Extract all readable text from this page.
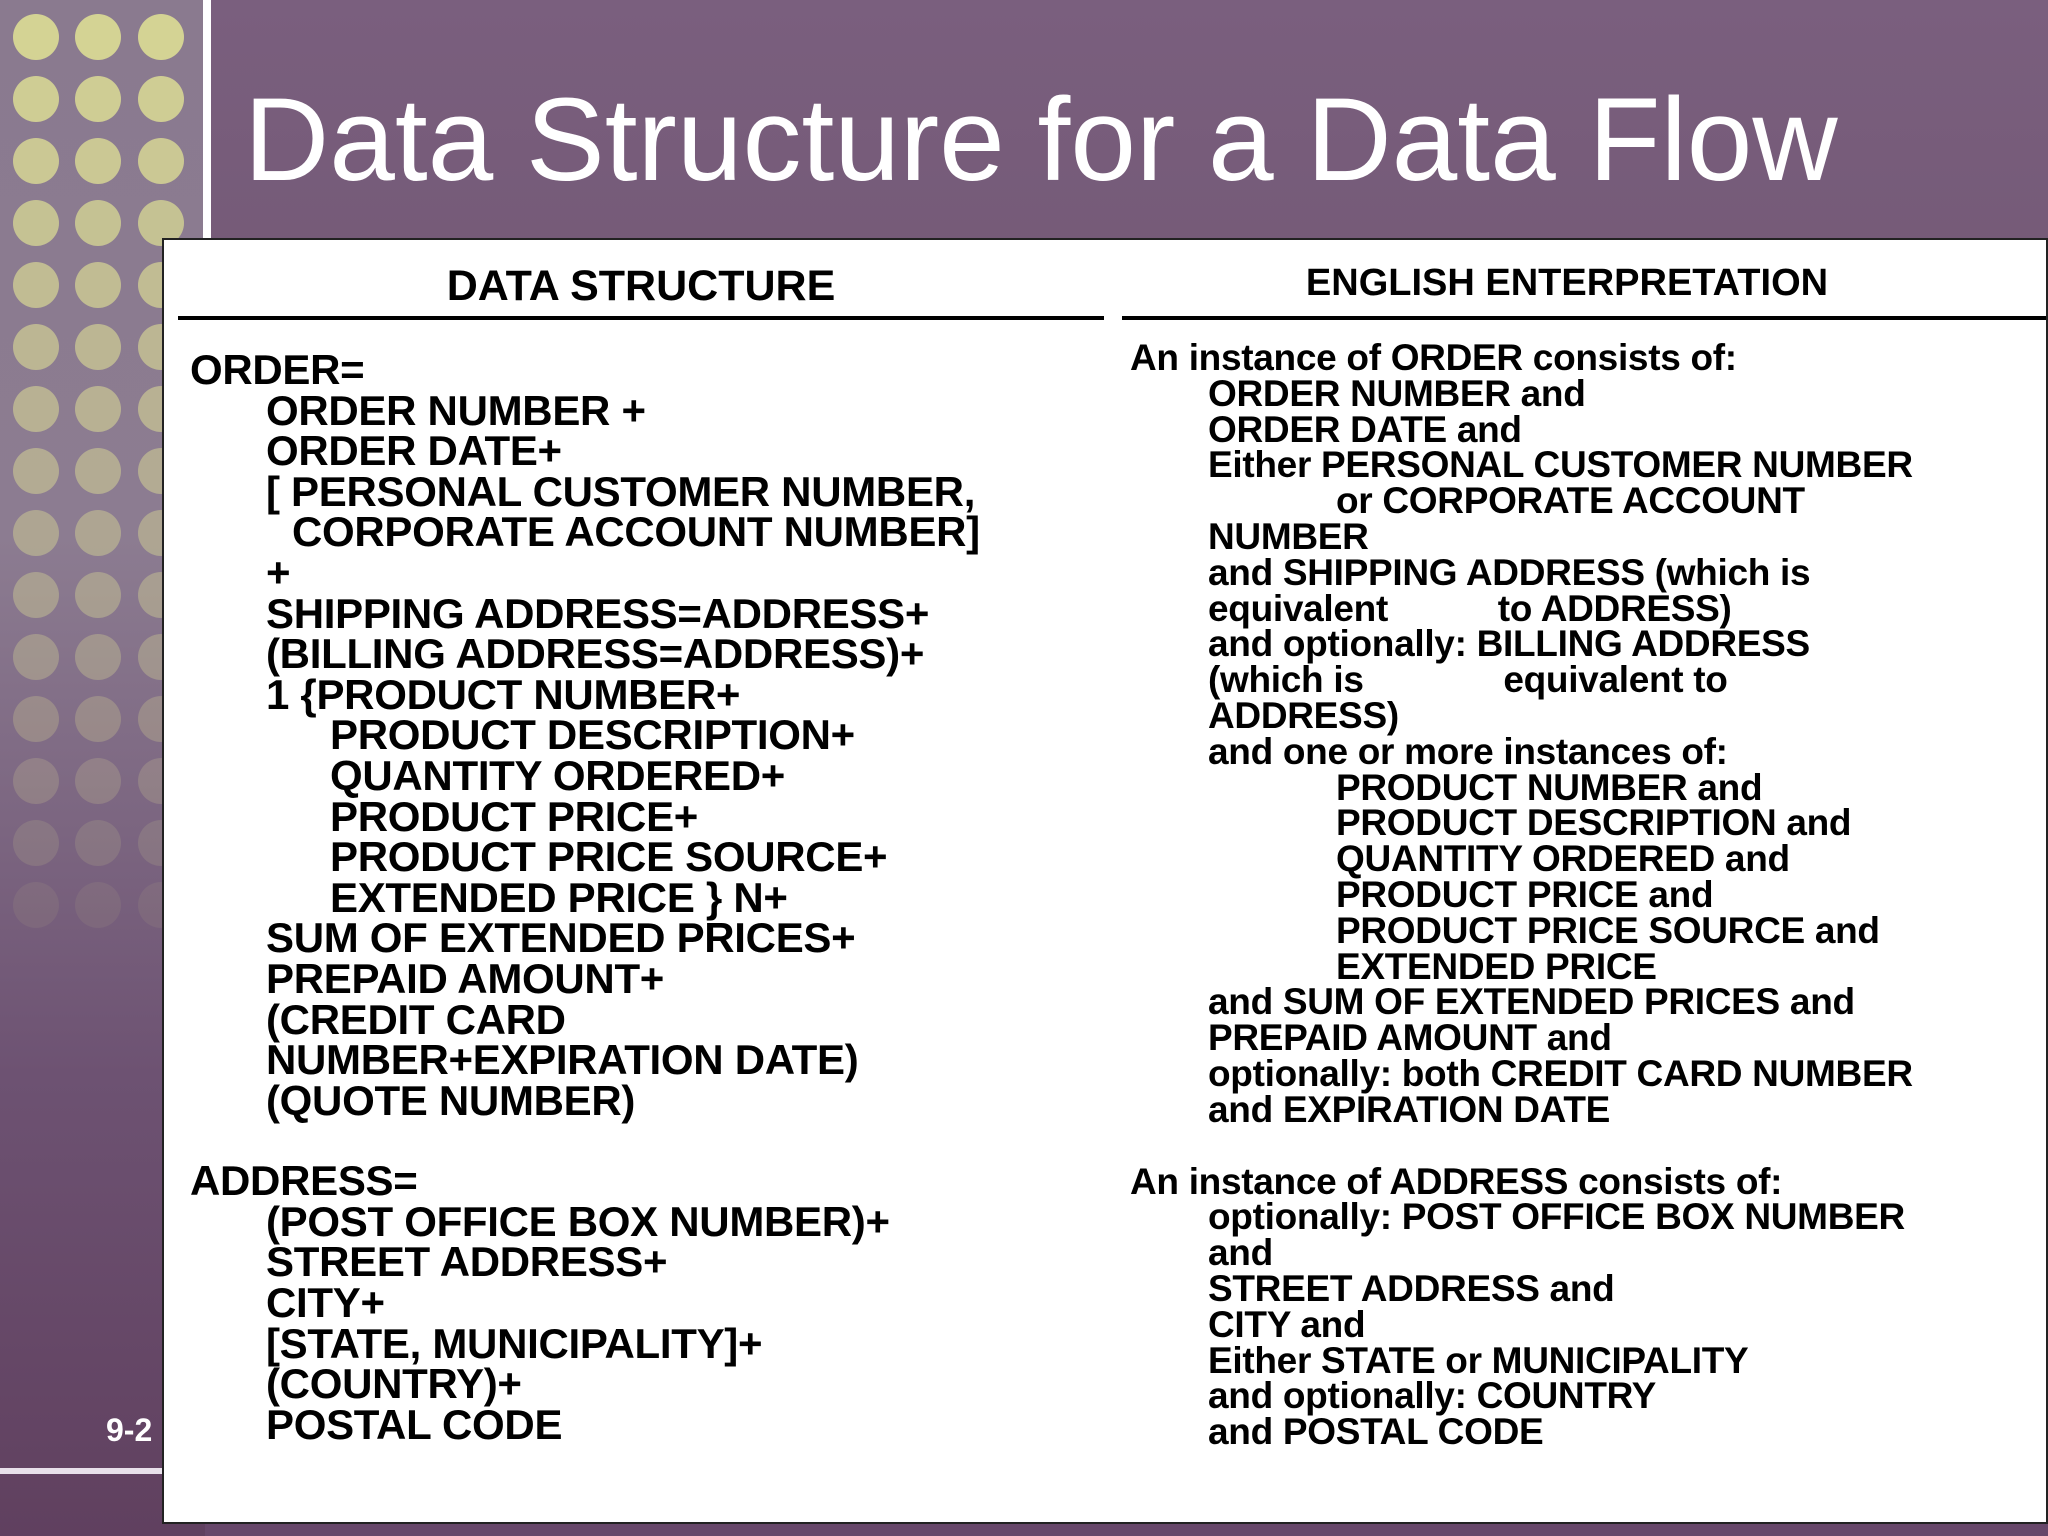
Data Structure for a Data Flow
9-2
DATA STRUCTURE	ENGLISH ENTERPRETATION
ORDER=
ORDER NUMBER +
ORDER DATE+
[ PERSONAL CUSTOMER NUMBER,
CORPORATE ACCOUNT NUMBER]
+
SHIPPING ADDRESS=ADDRESS+
(BILLING ADDRESS=ADDRESS)+
1 {PRODUCT NUMBER+
PRODUCT DESCRIPTION+
QUANTITY ORDERED+
PRODUCT PRICE+
PRODUCT PRICE SOURCE+
EXTENDED PRICE } N+
SUM OF EXTENDED PRICES+
PREPAID AMOUNT+
(CREDIT CARD
NUMBER+EXPIRATION DATE)
(QUOTE NUMBER)
ADDRESS=
(POST OFFICE BOX NUMBER)+
STREET ADDRESS+
CITY+
[STATE, MUNICIPALITY]+
(COUNTRY)+
POSTAL CODE
An instance of ORDER consists of:
ORDER NUMBER and
ORDER DATE and
Either PERSONAL CUSTOMER NUMBER
or CORPORATE ACCOUNT
NUMBER
and SHIPPING ADDRESS (which is
equivalent           to ADDRESS)
and optionally: BILLING ADDRESS
(which is              equivalent to
ADDRESS)
and one or more instances of:
PRODUCT NUMBER and
PRODUCT DESCRIPTION and
QUANTITY ORDERED and
PRODUCT PRICE and
PRODUCT PRICE SOURCE and
EXTENDED PRICE
and SUM OF EXTENDED PRICES and
PREPAID AMOUNT and
optionally: both CREDIT CARD NUMBER
and EXPIRATION DATE
An instance of ADDRESS consists of:
optionally: POST OFFICE BOX NUMBER
and
STREET ADDRESS and
CITY and
Either STATE or MUNICIPALITY
and optionally: COUNTRY
and POSTAL CODE
